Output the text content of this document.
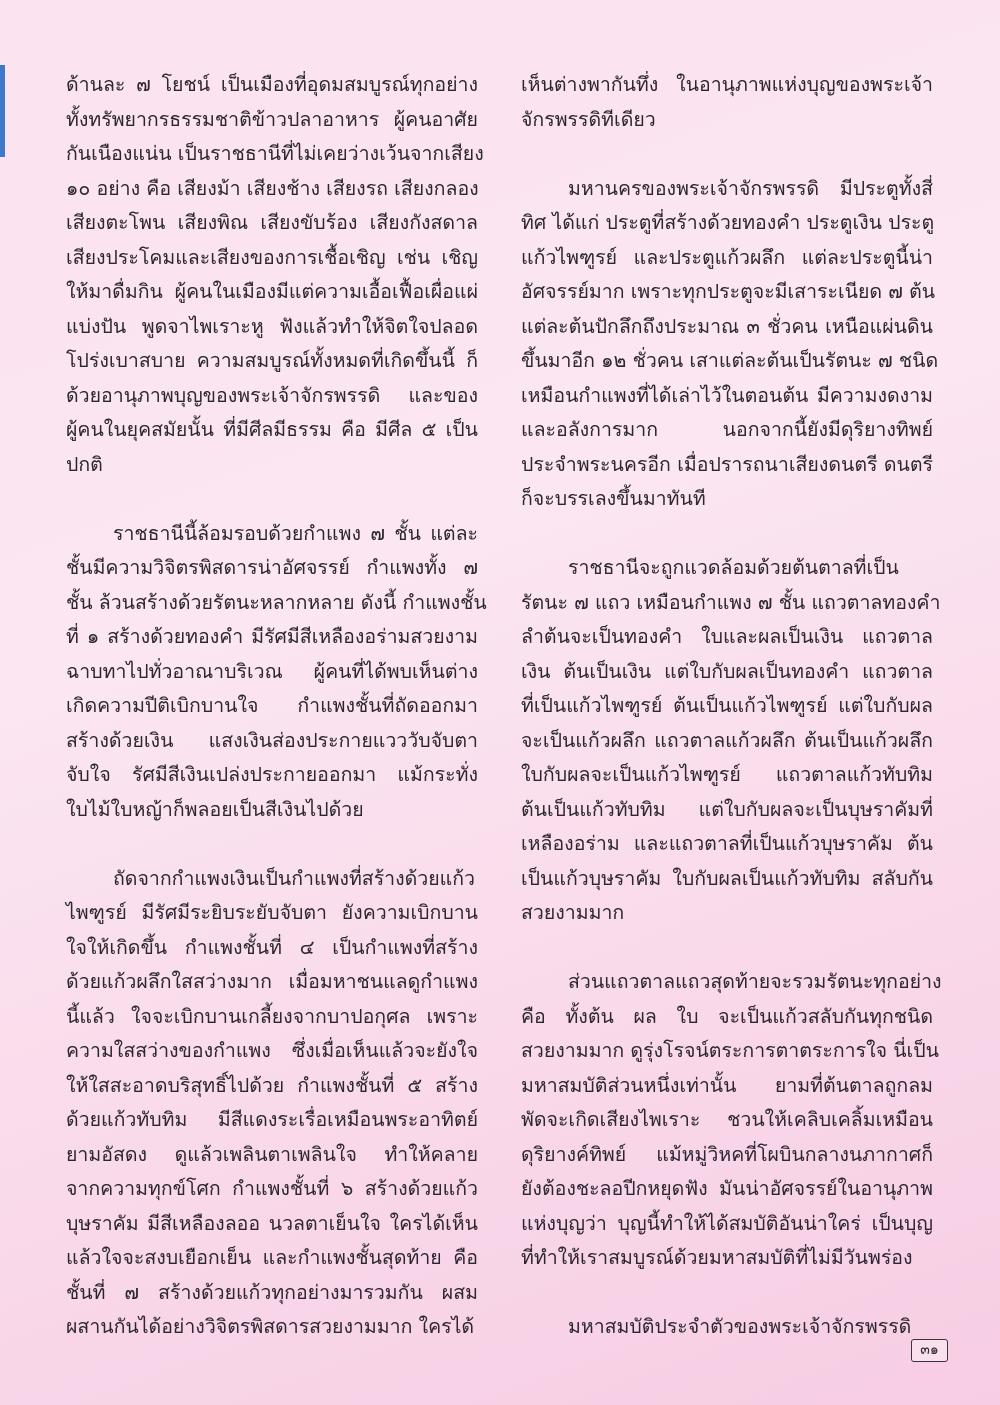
ด้านละ ๗ โยชน์ เป็นเมืองที่อุดมสมบูรณ์ทุกอย่าง
ทั้งทรัพยากรธรรมชาติข้าวปลาอาหาร ผู้คนอาศัย
กันเนืองแน่น เป็นราชธานีที่ไม่เคยว่างเว้นจากเสียง
๑๐ อย่าง คือ เสียงม้า เสียงช้าง เสียงรถ เสียงกลอง
เสียงตะโพน เสียงพิณ เสียงขับร้อง เสียงกังสดาล
เสียงประโคมและเสียงของการเชื้อเชิญ เช่น เชิญ
ให้มาดื่มกิน ผู้คนในเมืองมีแต่ความเอื้อเฟื้อเผื่อแผ่
แบ่งปัน พูดจาไพเราะหู ฟังแล้วทำให้จิตใจปลอด
โปร่งเบาสบาย ความสมบูรณ์ทั้งหมดที่เกิดขึ้นนี้ ก็
ด้วยอานุภาพบุญของพระเจ้าจักรพรรดิ และของ
ผู้คนในยุคสมัยนั้น ที่มีศีลมีธรรม คือ มีศีล ๕ เป็น
ปกติ

ราชธานีนี้ล้อมรอบด้วยกำแพง ๗ ชั้น แต่ละ
ชั้นมีความวิจิตรพิสดารน่าอัศจรรย์ กำแพงทั้ง ๗
ชั้น ล้วนสร้างด้วยรัตนะหลากหลาย ดังนี้ กำแพงชั้น
ที่ ๑ สร้างด้วยทองคำ มีรัศมีสีเหลืองอร่ามสวยงาม
ฉาบทาไปทั่วอาณาบริเวณ ผู้คนที่ได้พบเห็นต่าง
เกิดความปีติเบิกบานใจ กำแพงชั้นที่ถัดออกมา
สร้างด้วยเงิน แสงเงินส่องประกายแวววับจับตา
จับใจ รัศมีสีเงินเปล่งประกายออกมา แม้กระทั่ง
ใบไม้ใบหญ้าก็พลอยเป็นสีเงินไปด้วย

ถัดจากกำแพงเงินเป็นกำแพงที่สร้างด้วยแก้ว
ไพฑูรย์ มีรัศมีระยิบระยับจับตา ยังความเบิกบาน
ใจให้เกิดขึ้น กำแพงชั้นที่ ๔ เป็นกำแพงที่สร้าง
ด้วยแก้วผลึกใสสว่างมาก เมื่อมหาชนแลดูกำแพง
นี้แล้ว ใจจะเบิกบานเกลี้ยงจากบาปอกุศล เพราะ
ความใสสว่างของกำแพง ซึ่งเมื่อเห็นแล้วจะยังใจ
ให้ใสสะอาดบริสุทธิ์ไปด้วย กำแพงชั้นที่ ๕ สร้าง
ด้วยแก้วทับทิม มีสีแดงระเรื่อเหมือนพระอาทิตย์
ยามอัสดง ดูแล้วเพลินตาเพลินใจ ทำให้คลาย
จากความทุกข์โศก กำแพงชั้นที่ ๖ สร้างด้วยแก้ว
บุษราคัม มีสีเหลืองลออ นวลตาเย็นใจ ใครได้เห็น
แล้วใจจะสงบเยือกเย็น และกำแพงชั้นสุดท้าย คือ
ชั้นที่ ๗ สร้างด้วยแก้วทุกอย่างมารวมกัน ผสม
ผสานกันได้อย่างวิจิตรพิสดารสวยงามมาก ใครได้

เห็นต่างพากันทึ่ง ในอานุภาพแห่งบุญของพระเจ้า
จักรพรรดิทีเดียว

มหานครของพระเจ้าจักรพรรดิ มีประตูทั้งสี่
ทิศ ได้แก่ ประตูที่สร้างด้วยทองคำ ประตูเงิน ประตู
แก้วไพฑูรย์ และประตูแก้วผลึก แต่ละประตูนี้น่า
อัศจรรย์มาก เพราะทุกประตูจะมีเสาระเนียด ๗ ต้น
แต่ละต้นปักลึกถึงประมาณ ๓ ชั่วคน เหนือแผ่นดิน
ขึ้นมาอีก ๑๒ ชั่วคน เสาแต่ละต้นเป็นรัตนะ ๗ ชนิด
เหมือนกำแพงที่ได้เล่าไว้ในตอนต้น มีความงดงาม
และอลังการมาก นอกจากนี้ยังมีดุริยางทิพย์
ประจำพระนครอีก เมื่อปรารถนาเสียงดนตรี ดนตรี
ก็จะบรรเลงขึ้นมาทันที

ราชธานีจะถูกแวดล้อมด้วยต้นตาลที่เป็น
รัตนะ ๗ แถว เหมือนกำแพง ๗ ชั้น แถวตาลทองคำ
ลำต้นจะเป็นทองคำ ใบและผลเป็นเงิน แถวตาล
เงิน ต้นเป็นเงิน แต่ใบกับผลเป็นทองคำ แถวตาล
ที่เป็นแก้วไพฑูรย์ ต้นเป็นแก้วไพฑูรย์ แต่ใบกับผล
จะเป็นแก้วผลึก แถวตาลแก้วผลึก ต้นเป็นแก้วผลึก
ใบกับผลจะเป็นแก้วไพฑูรย์ แถวตาลแก้วทับทิม
ต้นเป็นแก้วทับทิม แต่ใบกับผลจะเป็นบุษราคัมที่
เหลืองอร่าม และแถวตาลที่เป็นแก้วบุษราคัม ต้น
เป็นแก้วบุษราคัม ใบกับผลเป็นแก้วทับทิม สลับกัน
สวยงามมาก

ส่วนแถวตาลแถวสุดท้ายจะรวมรัตนะทุกอย่าง
คือ ทั้งต้น ผล ใบ จะเป็นแก้วสลับกันทุกชนิด
สวยงามมาก ดูรุ่งโรจน์ตระการตาตระการใจ นี่เป็น
มหาสมบัติส่วนหนึ่งเท่านั้น ยามที่ต้นตาลถูกลม
พัดจะเกิดเสียงไพเราะ ชวนให้เคลิบเคลิ้มเหมือน
ดุริยางค์ทิพย์ แม้หมู่วิหคที่โผบินกลางนภากาศก็
ยังต้องชะลอปีกหยุดฟัง มันน่าอัศจรรย์ในอานุภาพ
แห่งบุญว่า บุญนี้ทำให้ได้สมบัติอันน่าใคร่ เป็นบุญ
ที่ทำให้เราสมบูรณ์ด้วยมหาสมบัติที่ไม่มีวันพร่อง

มหาสมบัติประจำตัวของพระเจ้าจักรพรรดิ

๓๑
